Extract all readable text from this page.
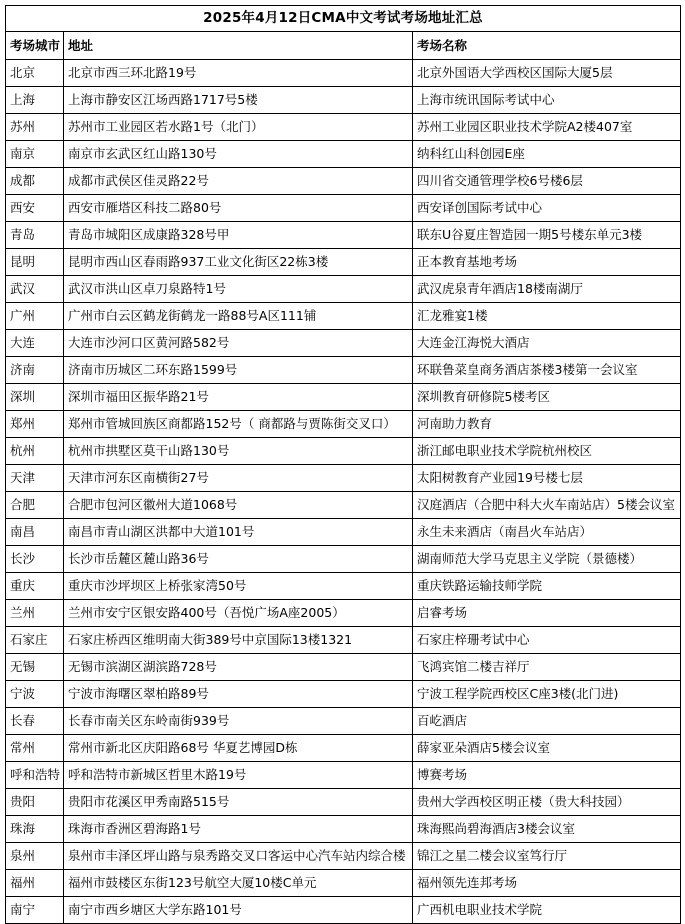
2025年4月12日CMA中文考试考场地址汇总		
考场城市	地址	考场名称
北京	北京市西三环北路19号	北京外国语大学西校区国际大厦5层
上海	上海市静安区江场西路1717号5楼	上海市统讯国际考试中心
苏州	苏州市工业园区若水路1号（北门）	苏州工业园区职业技术学院A2楼407室
南京	南京市玄武区红山路130号	纳科红山科创园E座
成都	成都市武侯区佳灵路22号	四川省交通管理学校6号楼6层
西安	西安市雁塔区科技二路80号	西安译创国际考试中心
青岛	青岛市城阳区成康路328号甲	联东U谷夏庄智造园一期5号楼东单元3楼
昆明	昆明市西山区春雨路937工业文化街区22栋3楼	正本教育基地考场
武汉	武汉市洪山区卓刀泉路特1号	武汉虎泉青年酒店18楼南湖厅
广州	广州市白云区鹤龙街鹤龙一路88号A区111铺	汇龙雅宴1楼
大连	大连市沙河口区黄河路582号	大连金江海悦大酒店
济南	济南市历城区二环东路1599号	环联鲁菜皇商务酒店茶楼3楼第一会议室
深圳	深圳市福田区振华路21号	深圳教育研修院5楼考区
郑州	郑州市管城回族区商都路152号（ 商都路与贾陈街交叉口）	河南助力教育
杭州	杭州市拱墅区莫干山路130号	浙江邮电职业技术学院杭州校区
天津	天津市河东区南横街27号	太阳树教育产业园19号楼七层
合肥	合肥市包河区徽州大道1068号	汉庭酒店（合肥中科大火车南站店）5楼会议室
南昌	南昌市青山湖区洪都中大道101号	永生未来酒店（南昌火车站店）
长沙	长沙市岳麓区麓山路36号	湖南师范大学马克思主义学院（景德楼）
重庆	重庆市沙坪坝区上桥张家湾50号	重庆铁路运输技师学院
兰州	兰州市安宁区银安路400号（吾悦广场A座2005）	启睿考场
石家庄	石家庄桥西区维明南大街389号中京国际13楼1321	石家庄梓珊考试中心
无锡	无锡市滨湖区湖滨路728号	飞鸿宾馆二楼吉祥厅
宁波	宁波市海曙区翠柏路89号	宁波工程学院西校区C座3楼(北门进)
长春	长春市南关区东岭南街939号	百屹酒店
常州	常州市新北区庆阳路68号 华夏艺博园D栋	薛家亚朵酒店5楼会议室
呼和浩特	呼和浩特市新城区哲里木路19号	博赛考场
贵阳	贵阳市花溪区甲秀南路515号	贵州大学西校区明正楼（贵大科技园）
珠海	珠海市香洲区碧海路1号	珠海熙尚碧海酒店3楼会议室
泉州	泉州市丰泽区坪山路与泉秀路交叉口客运中心汽车站内综合楼	锦江之星二楼会议室笃行厅
福州	福州市鼓楼区东街123号航空大厦10楼C单元	福州领先连邦考场
南宁	南宁市西乡塘区大学东路101号	广西机电职业技术学院
